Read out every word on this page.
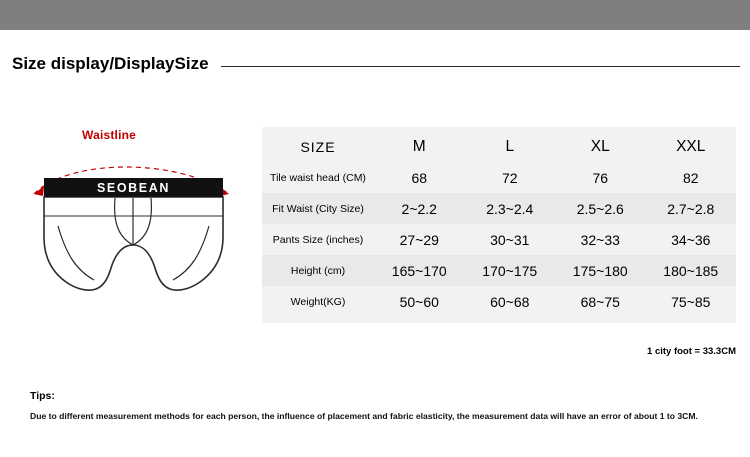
Size display/DisplaySize
Waistline
SEOBEAN
SIZE	M	L	XL	XXL
Tile waist head (CM)	68	72	76	82
Fit Waist (City Size)	2~2.2	2.3~2.4	2.5~2.6	2.7~2.8
Pants Size (inches)	27~29	30~31	32~33	34~36
Height (cm)	165~170	170~175	175~180	180~185
Weight(KG)	50~60	60~68	68~75	75~85
1 city foot = 33.3CM
Tips:
Due to different measurement methods for each person, the influence of placement and fabric elasticity, the measurement data will have an error of about 1 to 3CM.
